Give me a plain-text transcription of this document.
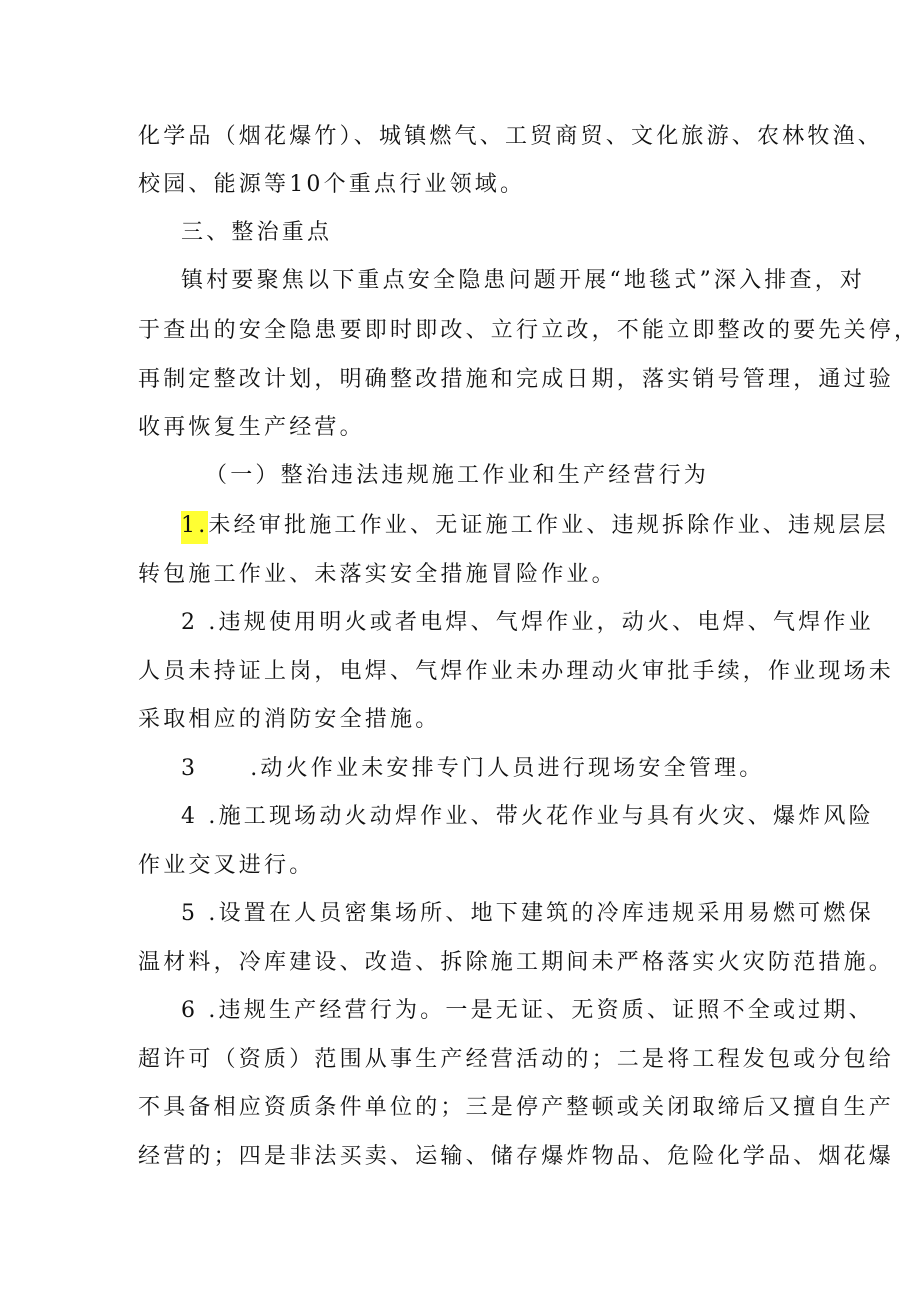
化学品（烟花爆竹）、城镇燃气、工贸商贸、文化旅游、农林牧渔、
校园、能源等10个重点行业领域。
三、整治重点
镇村要聚焦以下重点安全隐患问题开展“地毯式”深入排查，对
于查出的安全隐患要即时即改、立行立改，不能立即整改的要先关停，
再制定整改计划，明确整改措施和完成日期，落实销号管理，通过验
收再恢复生产经营。
（一）整治违法违规施工作业和生产经营行为
1.未经审批施工作业、无证施工作业、违规拆除作业、违规层层
转包施工作业、未落实安全措施冒险作业。
2 .违规使用明火或者电焊、气焊作业，动火、电焊、气焊作业
人员未持证上岗，电焊、气焊作业未办理动火审批手续，作业现场未
采取相应的消防安全措施。
3 .动火作业未安排专门人员进行现场安全管理。
4 .施工现场动火动焊作业、带火花作业与具有火灾、爆炸风险
作业交叉进行。
5 .设置在人员密集场所、地下建筑的冷库违规采用易燃可燃保
温材料，冷库建设、改造、拆除施工期间未严格落实火灾防范措施。
6 .违规生产经营行为。一是无证、无资质、证照不全或过期、
超许可（资质）范围从事生产经营活动的；二是将工程发包或分包给
不具备相应资质条件单位的；三是停产整顿或关闭取缔后又擅自生产
经营的；四是非法买卖、运输、储存爆炸物品、危险化学品、烟花爆
